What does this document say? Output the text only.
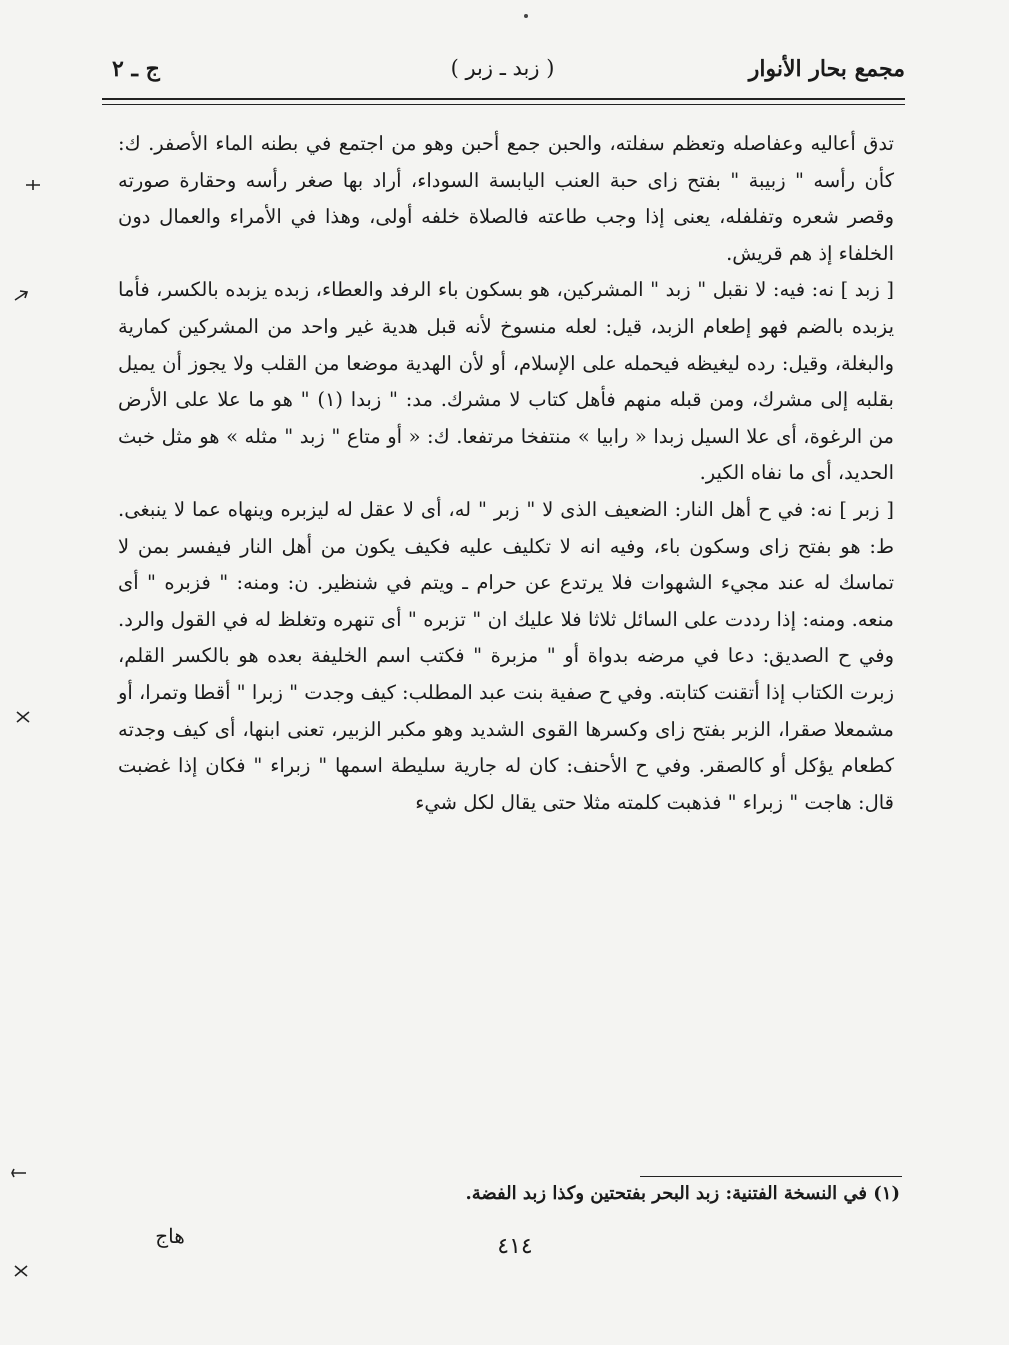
مجمع بحار الأنوار
( زبد ـ زبر )
ج ـ ٢

تدق أعاليه وعفاصله وتعظم سفلته، والحبن جمع أحبن وهو من اجتمع في بطنه الماء الأصفر. ك: كأن رأسه " زبيبة " بفتح زاى حبة العنب اليابسة السوداء، أراد بها صغر رأسه وحقارة صورته وقصر شعره وتفلفله، يعنى إذا وجب طاعته فالصلاة خلفه أولى، وهذا في الأمراء والعمال دون الخلفاء إذ هم قريش.

[ زبد ] نه: فيه: لا نقبل " زبد " المشركين، هو بسكون باء الرفد والعطاء، زبده يزبده بالكسر، فأما يزبده بالضم فهو إطعام الزبد، قيل: لعله منسوخ لأنه قبل هدية غير واحد من المشركين كمارية والبغلة، وقيل: رده ليغيظه فيحمله على الإسلام، أو لأن الهدية موضعا من القلب ولا يجوز أن يميل بقلبه إلى مشرك، ومن قبله منهم فأهل كتاب لا مشرك. مد: " زبدا (١) " هو ما علا على الأرض من الرغوة، أى علا السيل زبدا « رابيا » منتفخا مرتفعا. ك: « أو متاع " زبد " مثله » هو مثل خبث الحديد، أى ما نفاه الكير.

[ زبر ] نه: في ح أهل النار: الضعيف الذى لا " زبر " له، أى لا عقل له ليزبره وينهاه عما لا ينبغى. ط: هو بفتح زاى وسكون باء، وفيه انه لا تكليف عليه فكيف يكون من أهل النار فيفسر بمن لا تماسك له عند مجيء الشهوات فلا يرتدع عن حرام ـ ويتم في شنظير. ن: ومنه: " فزبره " أى منعه. ومنه: إذا رددت على السائل ثلاثا فلا عليك ان " تزبره " أى تنهره وتغلظ له في القول والرد. وفي ح الصديق: دعا في مرضه بدواة أو " مزبرة " فكتب اسم الخليفة بعده هو بالكسر القلم، زبرت الكتاب إذا أتقنت كتابته. وفي ح صفية بنت عبد المطلب: كيف وجدت " زبرا " أقطا وتمرا، أو مشمعلا صقرا، الزبر بفتح زاى وكسرها القوى الشديد وهو مكبر الزبير، تعنى ابنها، أى كيف وجدته كطعام يؤكل أو كالصقر. وفي ح الأحنف: كان له جارية سليطة اسمها " زبراء " فكان إذا غضبت قال: هاجت " زبراء " فذهبت كلمته مثلا حتى يقال لكل شيء

(١) في النسخة الفتنية: زبد البحر بفتحتين وكذا زبد الفضة.
٤١٤
هاج
